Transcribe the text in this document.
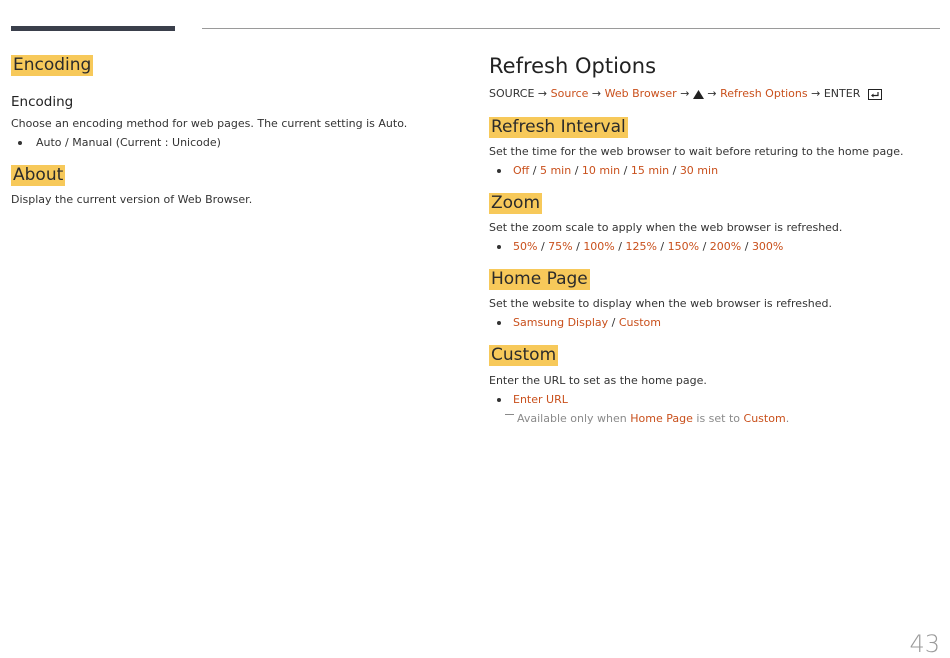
Encoding
Encoding
Choose an encoding method for web pages. The current setting is Auto.
Auto / Manual (Current : Unicode)
About
Display the current version of Web Browser.
Refresh Options
SOURCE → Source → Web Browser → → Refresh Options → ENTER
Refresh Interval
Set the time for the web browser to wait before returing to the home page.
Off / 5 min / 10 min / 15 min / 30 min
Zoom
Set the zoom scale to apply when the web browser is refreshed.
50% / 75% / 100% / 125% / 150% / 200% / 300%
Home Page
Set the website to display when the web browser is refreshed.
Samsung Display / Custom
Custom
Enter the URL to set as the home page.
Enter URL
Available only when Home Page is set to Custom.
43
